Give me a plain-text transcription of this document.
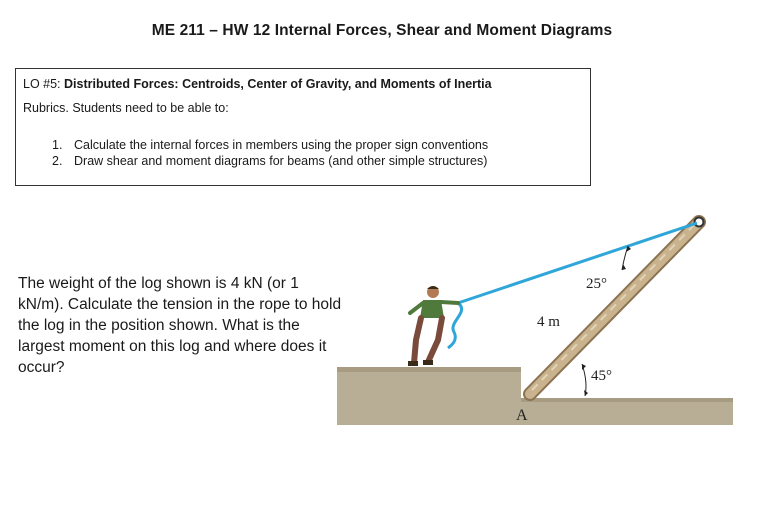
ME 211 – HW 12 Internal Forces, Shear and Moment Diagrams
LO #5: Distributed Forces: Centroids, Center of Gravity, and Moments of Inertia
Rubrics. Students need to be able to:
1. Calculate the internal forces in members using the proper sign conventions
2. Draw shear and moment diagrams for beams (and other simple structures)
The weight of the log shown is 4 kN (or 1 kN/m). Calculate the tension in the rope to hold the log in the position shown. What is the largest moment on this log and where does it occur?
25°
4 m
45°
A
